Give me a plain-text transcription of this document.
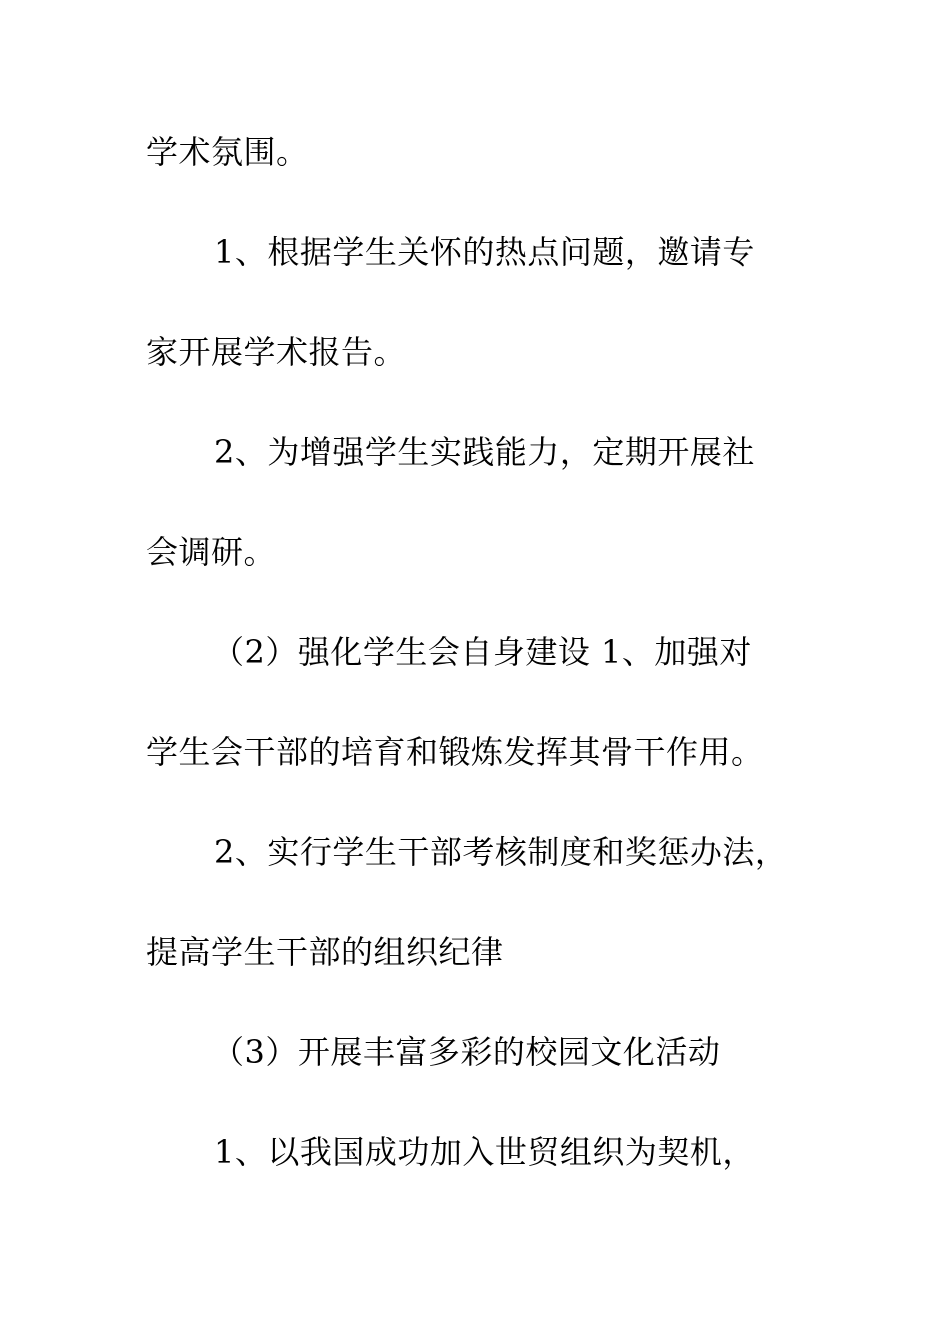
学术氛围。
1、根据学生关怀的热点问题，邀请专
家开展学术报告。
2、为增强学生实践能力，定期开展社
会调研。
（2）强化学生会自身建设 1、加强对
学生会干部的培育和锻炼发挥其骨干作用。
2、实行学生干部考核制度和奖惩办法，
提高学生干部的组织纪律
（3）开展丰富多彩的校园文化活动
1、以我国成功加入世贸组织为契机，
